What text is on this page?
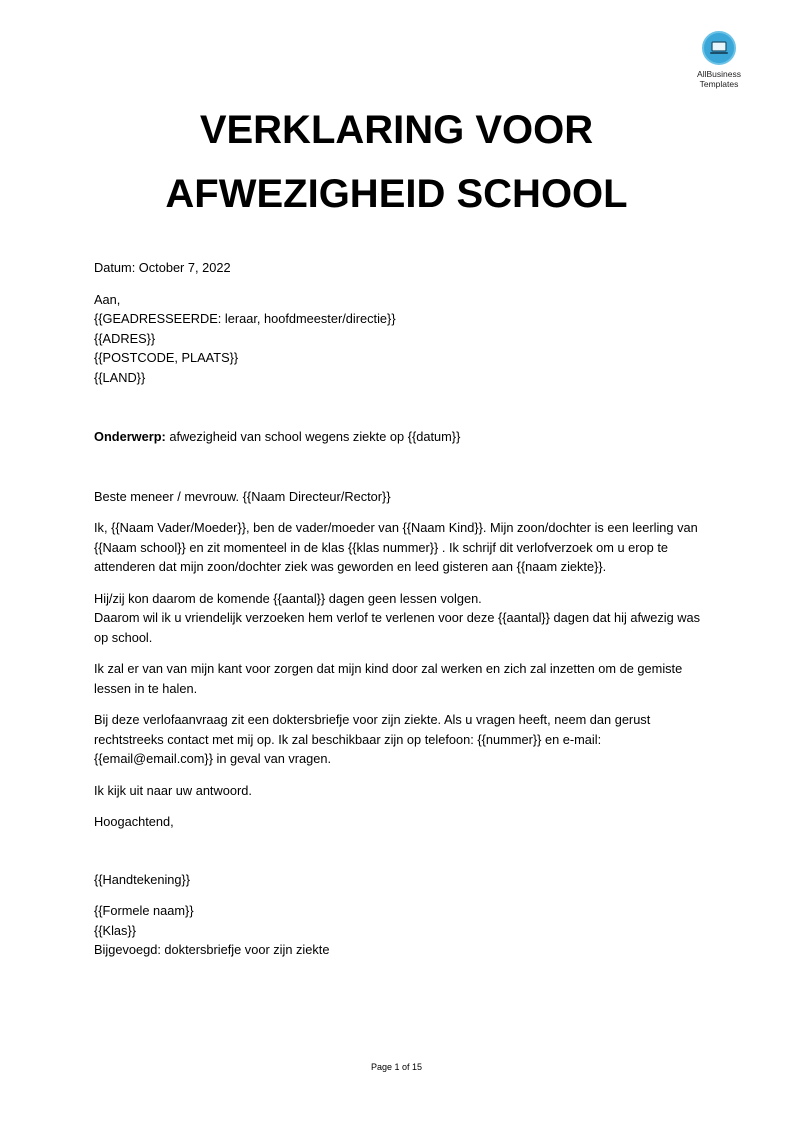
AllBusiness
Templates
VERKLARING VOOR
AFWEZIGHEID SCHOOL

Datum: October 7, 2022

Aan,

{{GEADRESSEERDE: leraar, hoofdmeester/directie}}

{{ADRES}}

{{POSTCODE, PLAATS}}

{{LAND}}

Onderwerp: afwezigheid van school wegens ziekte op {{datum}}

Beste meneer / mevrouw. {{Naam Directeur/Rector}}

Ik, {{Naam Vader/Moeder}}, ben de vader/moeder van {{Naam Kind}}. Mijn zoon/dochter is een leerling van {{Naam school}} en zit momenteel in de klas {{klas nummer}} . Ik schrijf dit verlofverzoek om u erop te attenderen dat mijn zoon/dochter ziek was geworden en leed gisteren aan {{naam ziekte}}.

Hij/zij kon daarom de komende {{aantal}} dagen geen lessen volgen.

Daarom wil ik u vriendelijk verzoeken hem verlof te verlenen voor deze {{aantal}} dagen dat hij afwezig was op school.

Ik zal er van van mijn kant voor zorgen dat mijn kind door zal werken en zich zal inzetten om de gemiste lessen in te halen.

Bij deze verlofaanvraag zit een doktersbriefje voor zijn ziekte. Als u vragen heeft, neem dan gerust rechtstreeks contact met mij op. Ik zal beschikbaar zijn op telefoon: {{nummer}} en e-mail: {{email@email.com}} in geval van vragen.

Ik kijk uit naar uw antwoord.

Hoogachtend,

{{Handtekening}}

{{Formele naam}}

{{Klas}}

Bijgevoegd: doktersbriefje voor zijn ziekte

Page 1 of 15
